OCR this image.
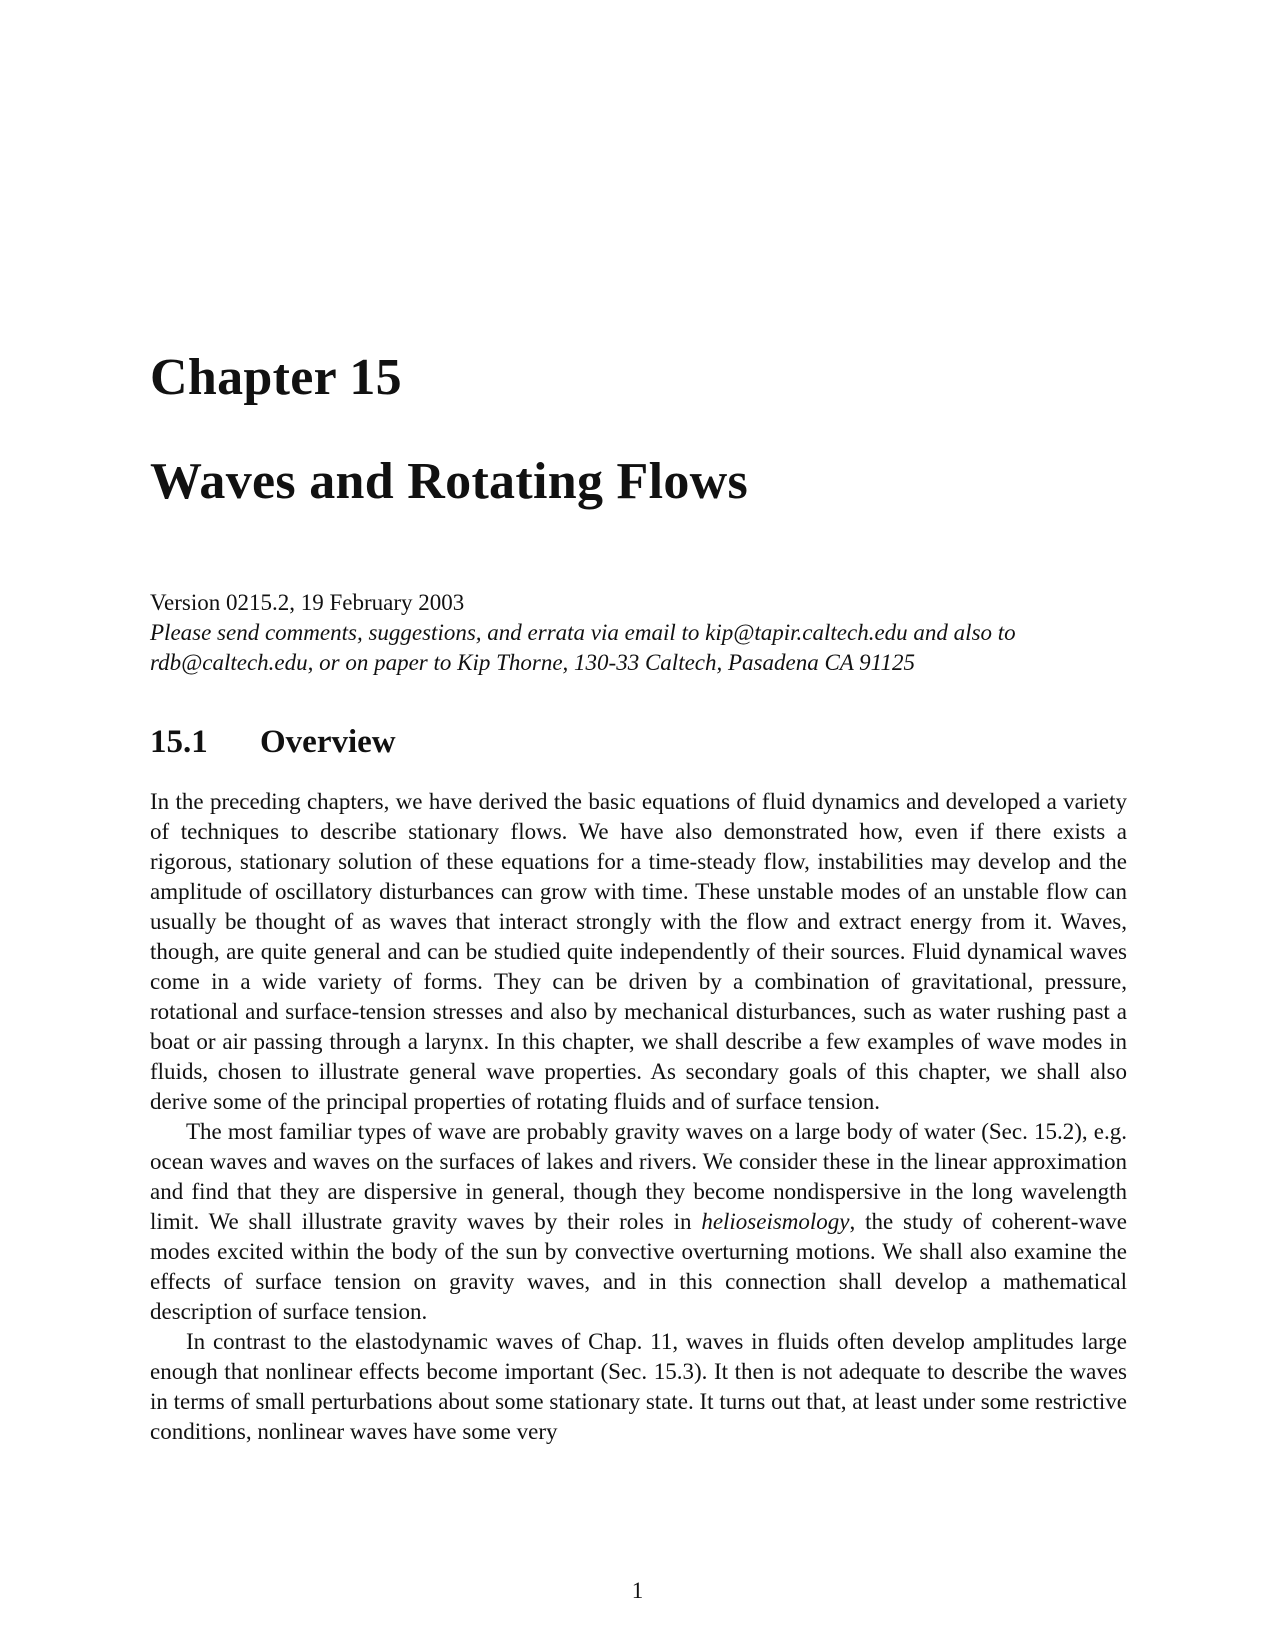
Chapter 15
Waves and Rotating Flows
Version 0215.2, 19 February 2003
Please send comments, suggestions, and errata via email to kip@tapir.caltech.edu and also to rdb@caltech.edu, or on paper to Kip Thorne, 130-33 Caltech, Pasadena CA 91125
15.1 Overview

In the preceding chapters, we have derived the basic equations of fluid dynamics and developed a variety of techniques to describe stationary flows. We have also demonstrated how, even if there exists a rigorous, stationary solution of these equations for a time-steady flow, instabilities may develop and the amplitude of oscillatory disturbances can grow with time. These unstable modes of an unstable flow can usually be thought of as waves that interact strongly with the flow and extract energy from it. Waves, though, are quite general and can be studied quite independently of their sources. Fluid dynamical waves come in a wide variety of forms. They can be driven by a combination of gravitational, pressure, rotational and surface-tension stresses and also by mechanical disturbances, such as water rushing past a boat or air passing through a larynx. In this chapter, we shall describe a few examples of wave modes in fluids, chosen to illustrate general wave properties. As secondary goals of this chapter, we shall also derive some of the principal properties of rotating fluids and of surface tension.

The most familiar types of wave are probably gravity waves on a large body of water (Sec. 15.2), e.g. ocean waves and waves on the surfaces of lakes and rivers. We consider these in the linear approximation and find that they are dispersive in general, though they become nondispersive in the long wavelength limit. We shall illustrate gravity waves by their roles in helioseismology, the study of coherent-wave modes excited within the body of the sun by convective overturning motions. We shall also examine the effects of surface tension on gravity waves, and in this connection shall develop a mathematical description of surface tension.

In contrast to the elastodynamic waves of Chap. 11, waves in fluids often develop amplitudes large enough that nonlinear effects become important (Sec. 15.3). It then is not adequate to describe the waves in terms of small perturbations about some stationary state. It turns out that, at least under some restrictive conditions, nonlinear waves have some very

1
